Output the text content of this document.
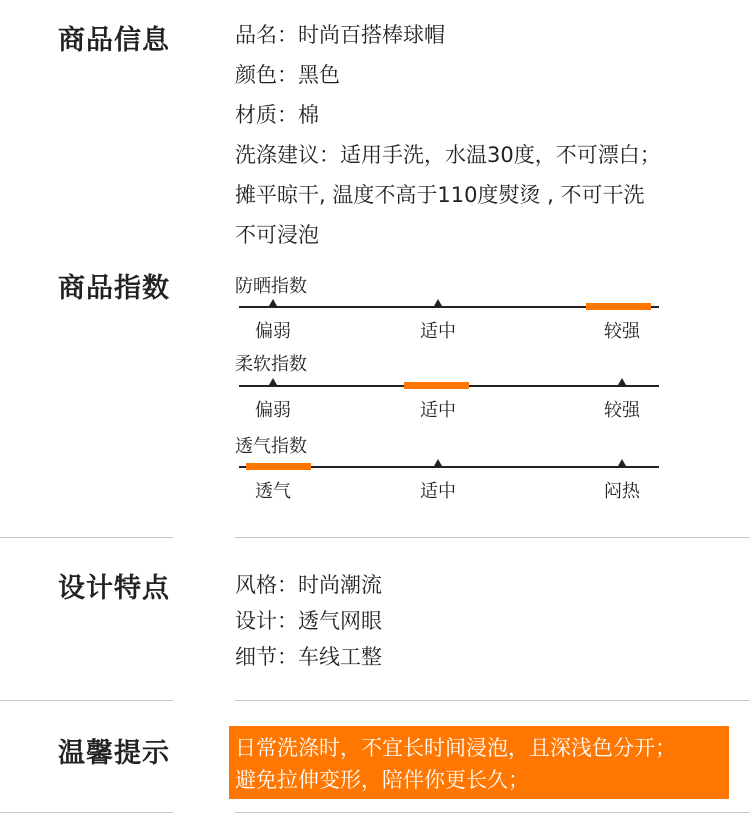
商品信息	品名：时尚百搭棒球帽
颜色：黑色
材质：棉
洗涤建议：适用手洗，水温30度，不可漂白；
摊平晾干, 温度不高于110度熨烫 , 不可干洗
不可浸泡
商品指数	防晒指数
偏弱	适中	较强
柔软指数
偏弱	适中	较强
透气指数
透气	适中	闷热
设计特点	风格：时尚潮流
设计：透气网眼
细节：车线工整
温馨提示	日常洗涤时，不宜长时间浸泡，且深浅色分开；
避免拉伸变形，陪伴你更长久；
